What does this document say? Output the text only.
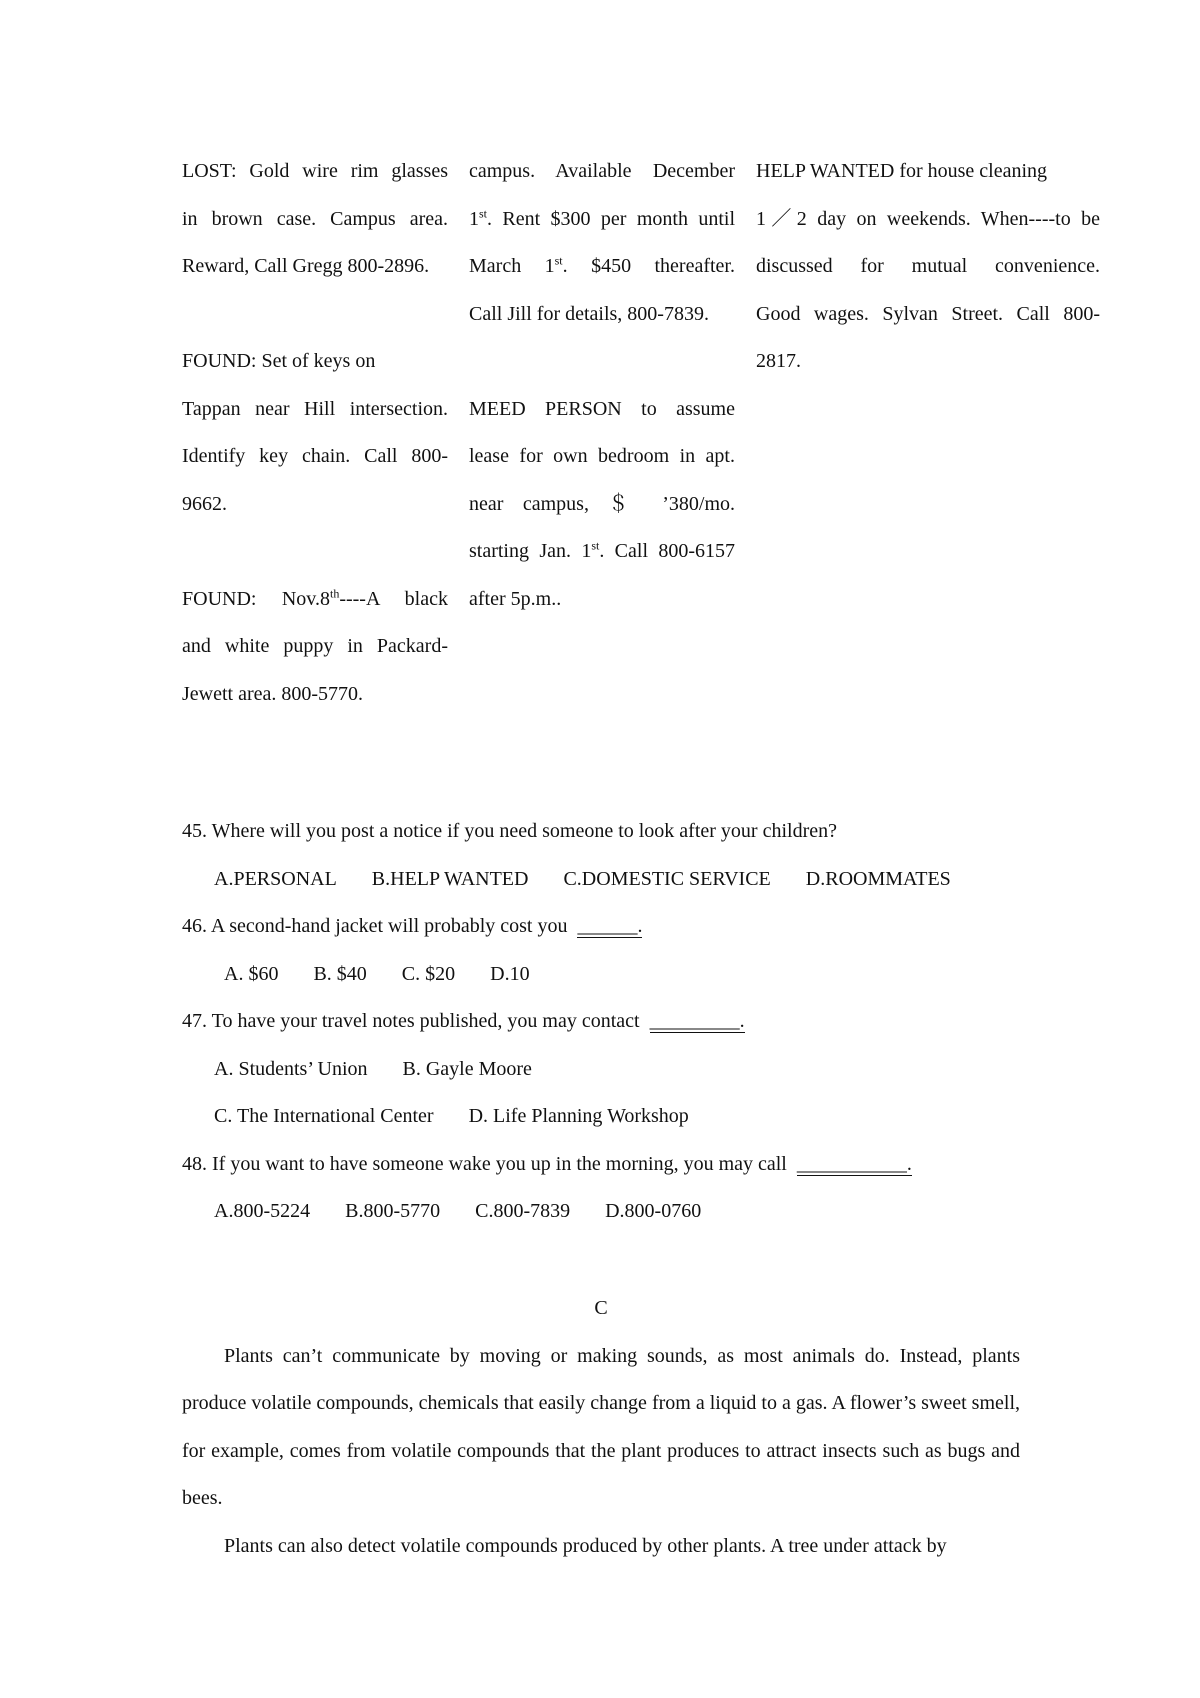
LOST: Gold wire rim glasses
in brown case. Campus area.
Reward, Call Gregg 800-2896.
FOUND: Set of keys on
Tappan near Hill intersection.
Identify key chain. Call 800-
9662.
FOUND: Nov.8th----A black
and white puppy in Packard-
Jewett area. 800-5770.
campus. Available December
1st. Rent $300 per month until
March 1st. $450 thereafter.
Call Jill for details, 800-7839.
MEED PERSON to assume
lease for own bedroom in apt.
near campus, ＄ ’380/mo.
starting Jan. 1st. Call 800-6157
after 5p.m..
HELP WANTED for house cleaning
1／2 day on weekends. When----to be
discussed for mutual convenience.
Good wages. Sylvan Street. Call 800-
2817.

45. Where will you post a notice if you need someone to look after your children?

A.PERSONAL B.HELP WANTED C.DOMESTIC SERVICE D.ROOMMATES

46. A second-hand jacket will probably cost you ______.

A. $60 B. $40 C. $20 D.10

47. To have your travel notes published, you may contact _________.

A. Students’ Union B. Gayle Moore

C. The International Center D. Life Planning Workshop

48. If you want to have someone wake you up in the morning, you may call ___________.

A.800-5224 B.800-5770 C.800-7839 D.800-0760

C

Plants can’t communicate by moving or making sounds, as most animals do. Instead, plants produce volatile compounds, chemicals that easily change from a liquid to a gas. A flower’s sweet smell, for example, comes from volatile compounds that the plant produces to attract insects such as bugs and bees.

Plants can also detect volatile compounds produced by other plants. A tree under attack by
